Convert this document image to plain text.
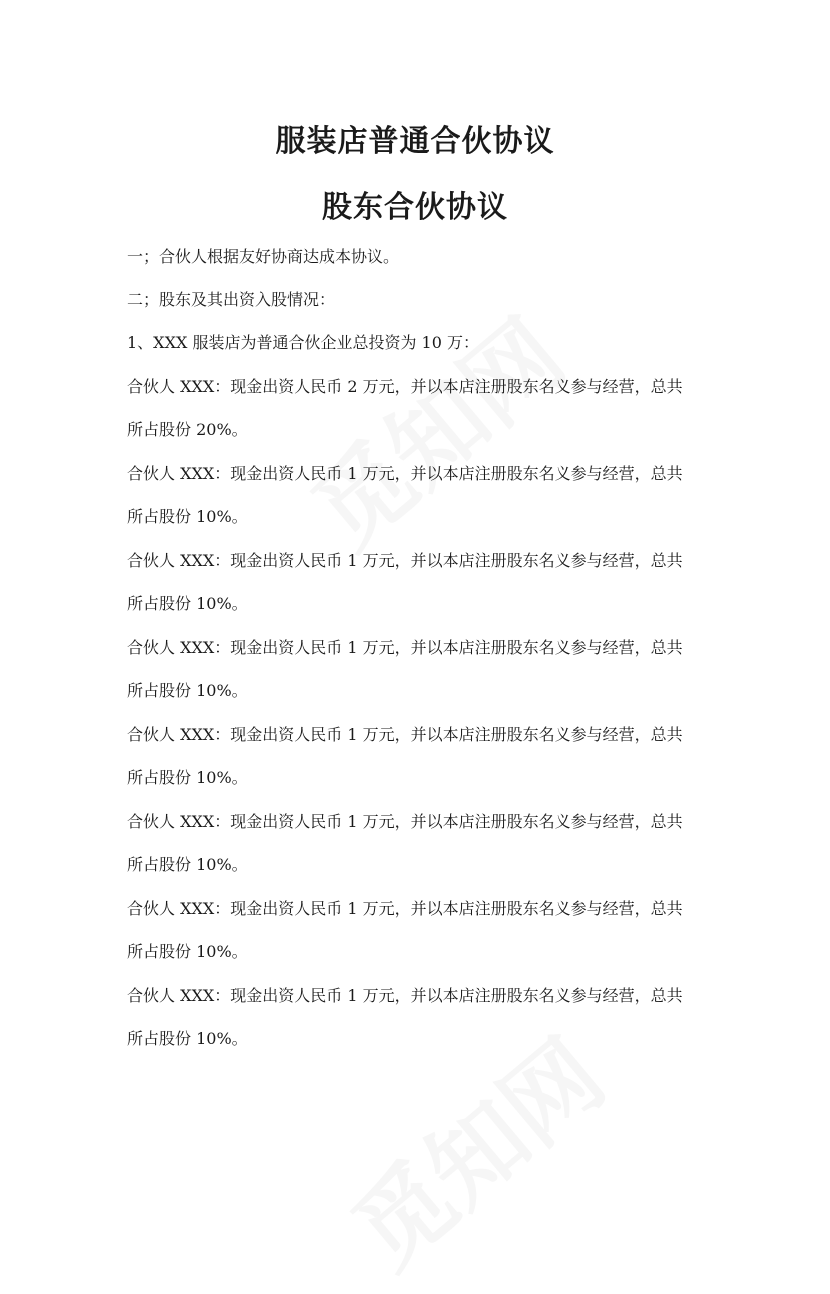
服装店普通合伙协议
股东合伙协议
一；合伙人根据友好协商达成本协议。
二；股东及其出资入股情况：
1、XXX 服装店为普通合伙企业总投资为 10 万：
合伙人 XXX：现金出资人民币 2 万元，并以本店注册股东名义参与经营，总共
所占股份 20%。
合伙人 XXX：现金出资人民币 1 万元，并以本店注册股东名义参与经营，总共
所占股份 10%。
合伙人 XXX：现金出资人民币 1 万元，并以本店注册股东名义参与经营，总共
所占股份 10%。
合伙人 XXX：现金出资人民币 1 万元，并以本店注册股东名义参与经营，总共
所占股份 10%。
合伙人 XXX：现金出资人民币 1 万元，并以本店注册股东名义参与经营，总共
所占股份 10%。
合伙人 XXX：现金出资人民币 1 万元，并以本店注册股东名义参与经营，总共
所占股份 10%。
合伙人 XXX：现金出资人民币 1 万元，并以本店注册股东名义参与经营，总共
所占股份 10%。
合伙人 XXX：现金出资人民币 1 万元，并以本店注册股东名义参与经营，总共
所占股份 10%。
